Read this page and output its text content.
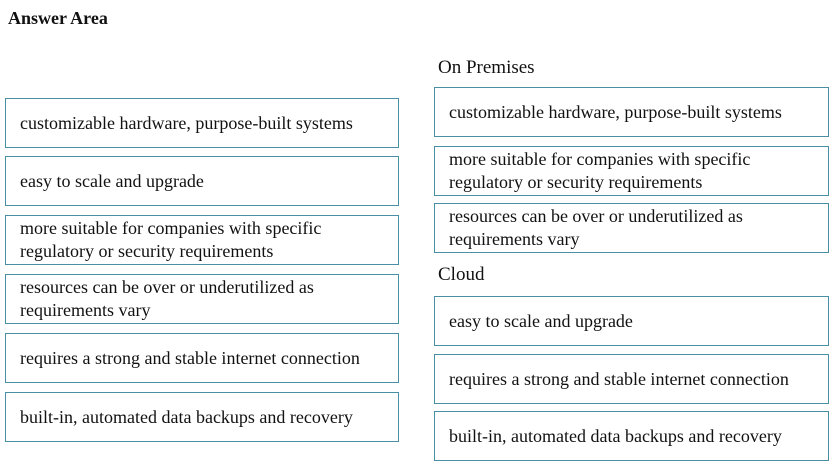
Answer Area
customizable hardware, purpose-built systems
easy to scale and upgrade
more suitable for companies with specific regulatory or security requirements
resources can be over or underutilized as requirements vary
requires a strong and stable internet connection
built-in, automated data backups and recovery
On Premises
customizable hardware, purpose-built systems
more suitable for companies with specific regulatory or security requirements
resources can be over or underutilized as requirements vary
Cloud
easy to scale and upgrade
requires a strong and stable internet connection
built-in, automated data backups and recovery
